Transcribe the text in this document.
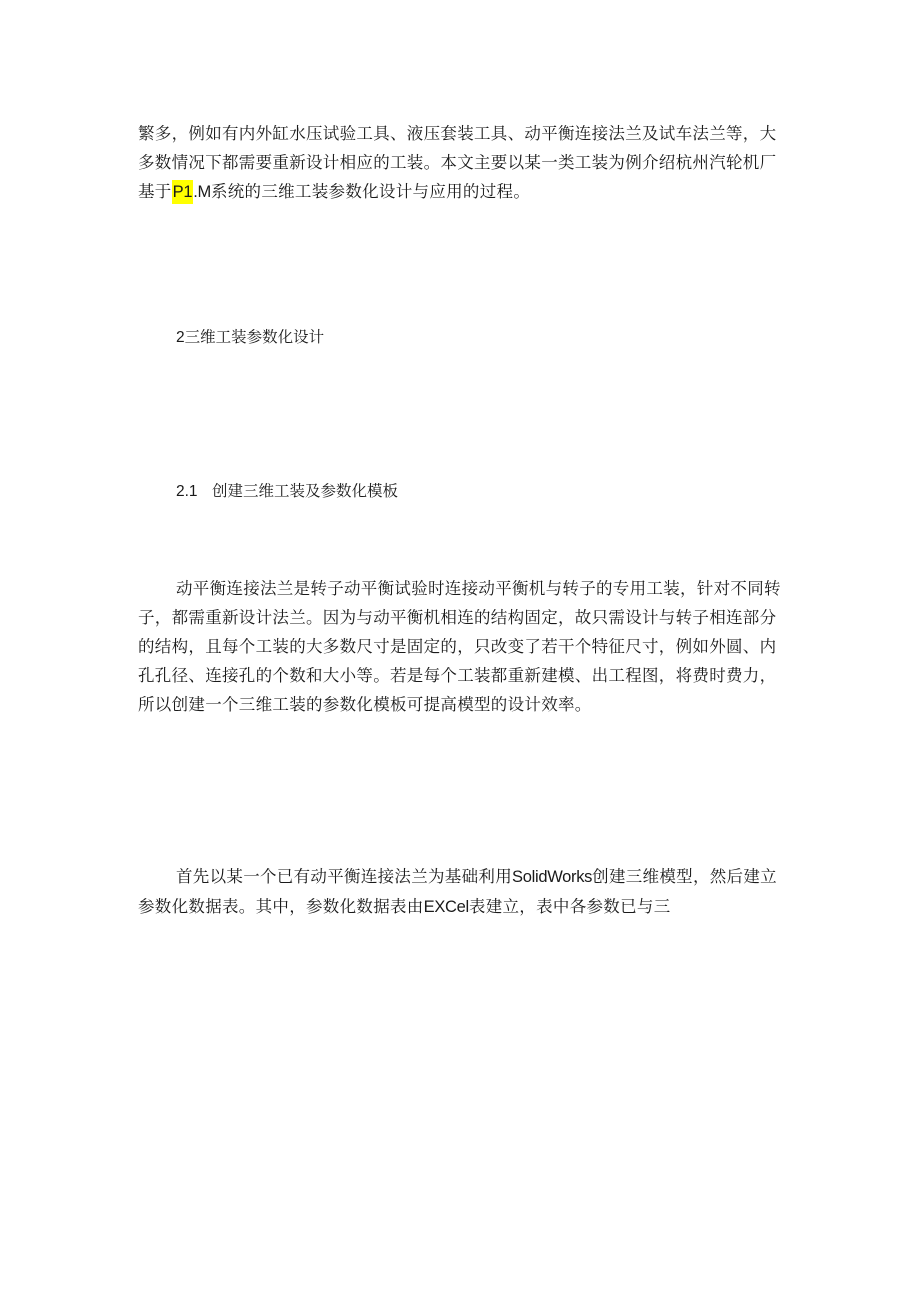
繁多，例如有内外缸水压试验工具、液压套装工具、动平衡连接法兰及试车法兰等，大
多数情况下都需要重新设计相应的工装。本文主要以某一类工装为例介绍杭州汽轮机厂
基于P1.M系统的三维工装参数化设计与应用的过程。
2三维工装参数化设计
2.1 创建三维工装及参数化模板
动平衡连接法兰是转子动平衡试验时连接动平衡机与转子的专用工装，针对不同转
子，都需重新设计法兰。因为与动平衡机相连的结构固定，故只需设计与转子相连部分
的结构，且每个工装的大多数尺寸是固定的，只改变了若干个特征尺寸，例如外圆、内
孔孔径、连接孔的个数和大小等。若是每个工装都重新建模、出工程图，将费时费力，
所以创建一个三维工装的参数化模板可提高模型的设计效率。
首先以某一个已有动平衡连接法兰为基础利用SolidWorks创建三维模型，然后建立
参数化数据表。其中，参数化数据表由EXCel表建立，表中各参数已与三
